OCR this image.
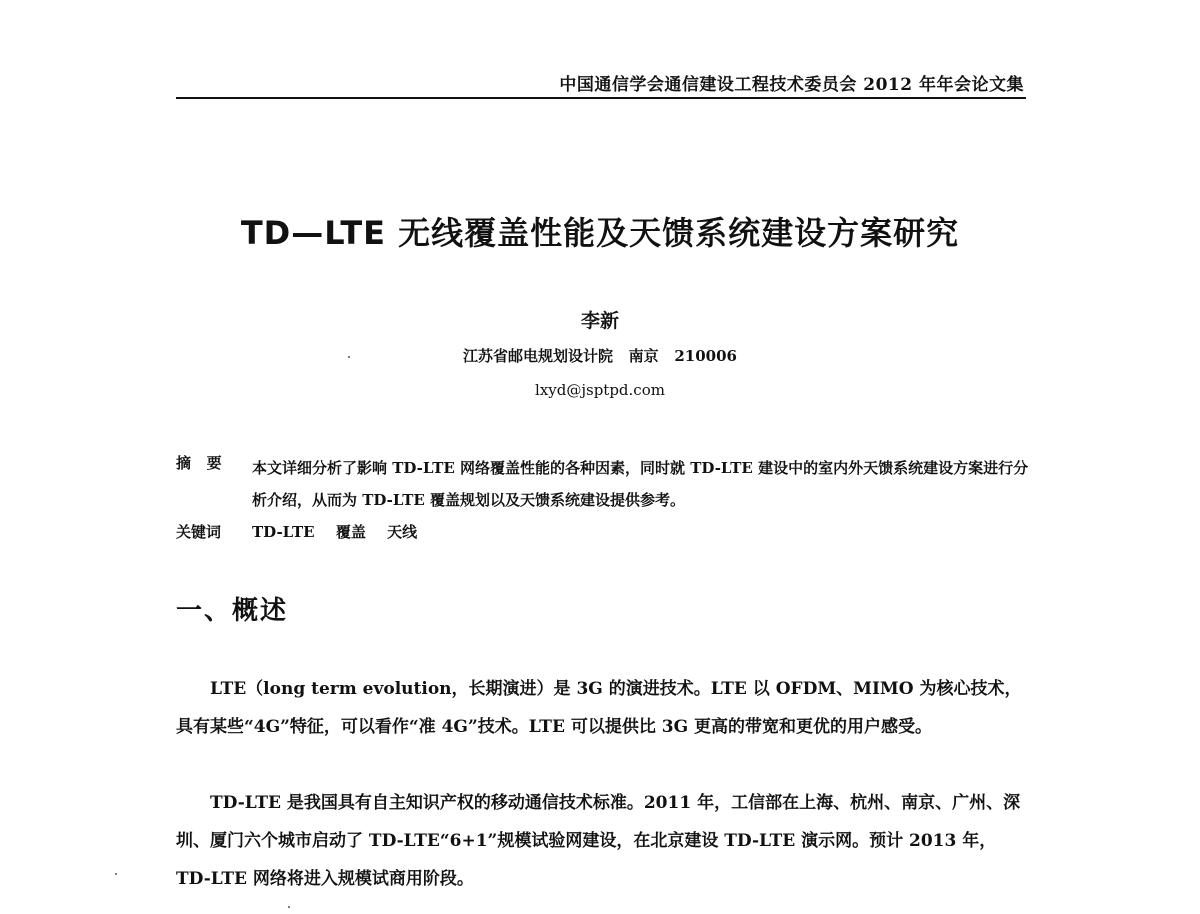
中国通信学会通信建设工程技术委员会 2012 年年会论文集
TD—LTE 无线覆盖性能及天馈系统建设方案研究
李新
江苏省邮电规划设计院   南京   210006
lxyd@jsptpd.com
摘   要 本文详细分析了影响 TD-LTE 网络覆盖性能的各种因素，同时就 TD-LTE 建设中的室内外天馈系统建设方案进行分析介绍，从而为 TD-LTE 覆盖规划以及天馈系统建设提供参考。
关键词 TD-LTE 覆盖 天线
一、概述

LTE（long term evolution，长期演进）是 3G 的演进技术。LTE 以 OFDM、MIMO 为核心技术，具有某些“4G”特征，可以看作“准 4G”技术。LTE 可以提供比 3G 更高的带宽和更优的用户感受。

TD-LTE 是我国具有自主知识产权的移动通信技术标准。2011 年，工信部在上海、杭州、南京、广州、深圳、厦门六个城市启动了 TD-LTE“6+1”规模试验网建设，在北京建设 TD-LTE 演示网。预计 2013 年，TD-LTE 网络将进入规模试商用阶段。
